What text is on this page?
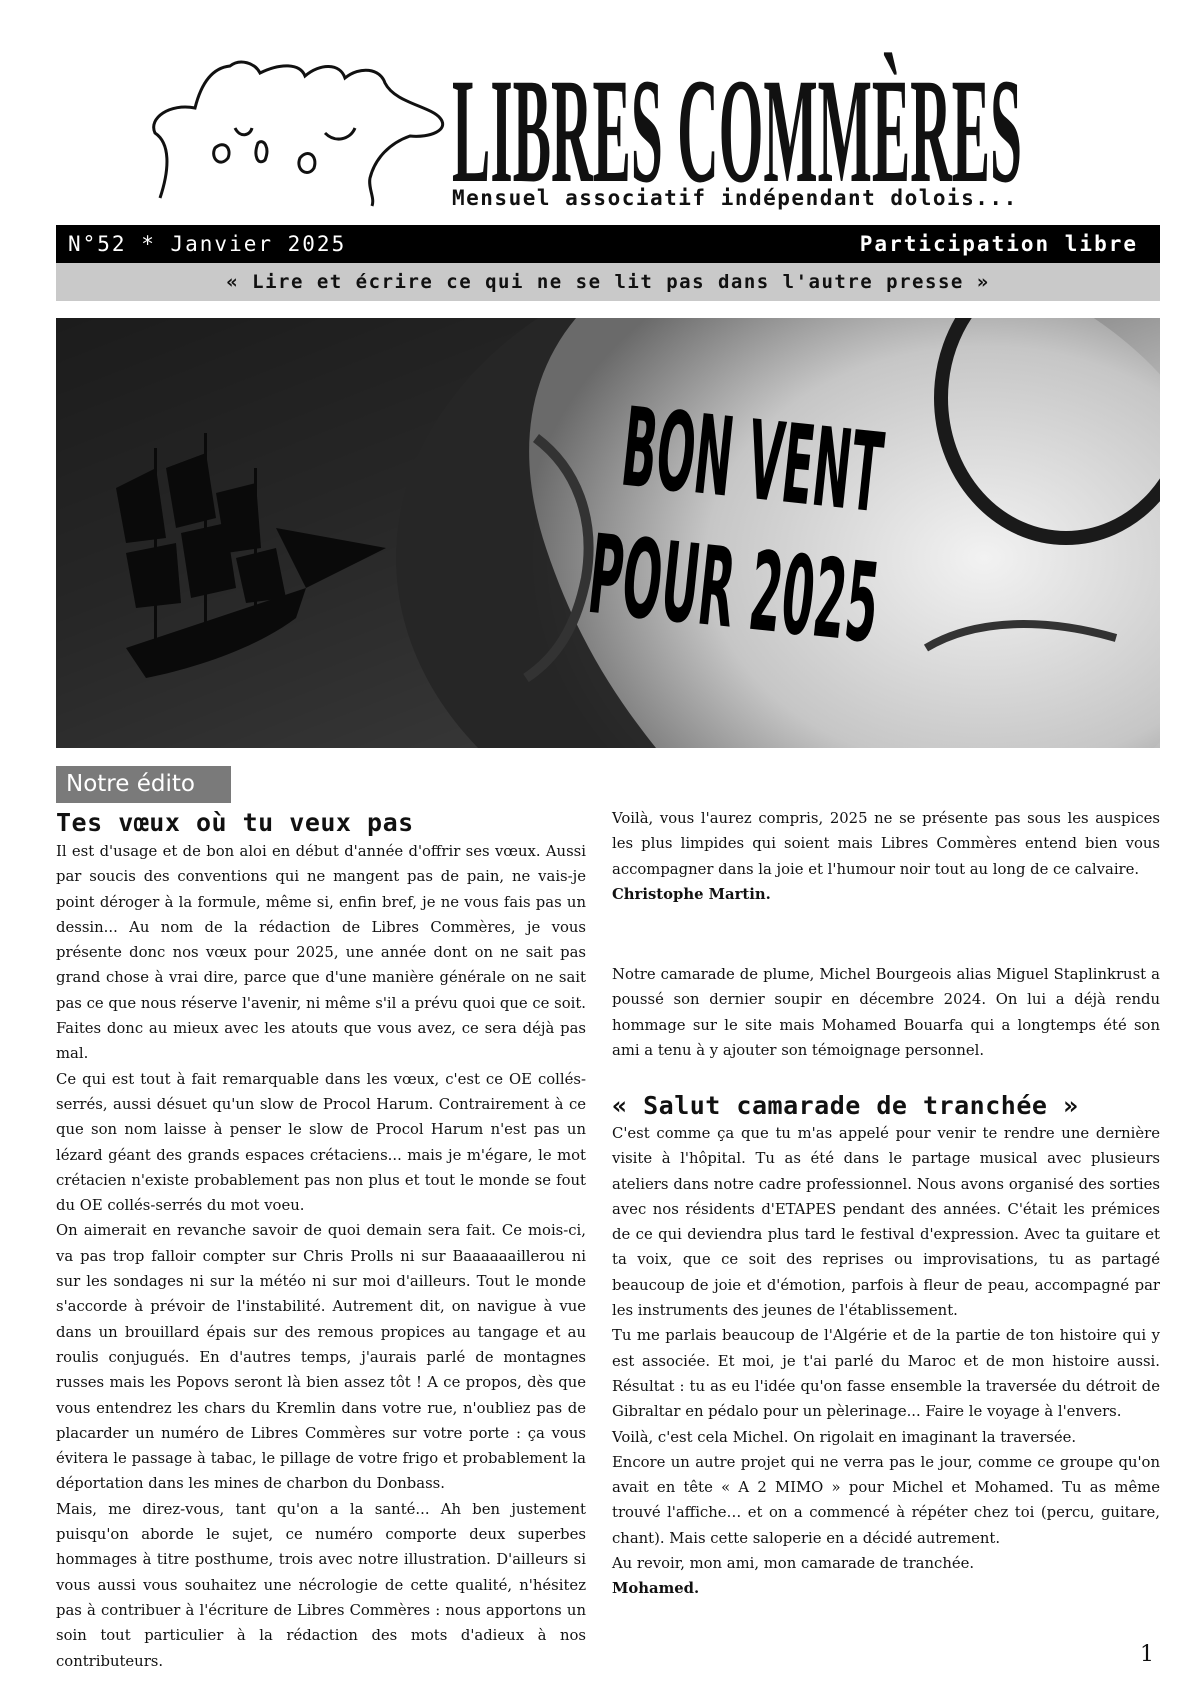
LIBRES COMMÈRES
Mensuel associatif indépendant dolois...
N°52 * Janvier 2025	Participation libre
« Lire et écrire ce qui ne se lit pas dans l'autre presse »
BON VENT
POUR 2025
Notre édito
Tes vœux où tu veux pas

Il est d'usage et de bon aloi en début d'année d'offrir ses vœux. Aussi par soucis des conventions qui ne mangent pas de pain, ne vais-je point déroger à la formule, même si, enfin bref, je ne vous fais pas un dessin... Au nom de la rédaction de Libres Commères, je vous présente donc nos vœux pour 2025, une année dont on ne sait pas grand chose à vrai dire, parce que d'une manière générale on ne sait pas ce que nous réserve l'avenir, ni même s'il a prévu quoi que ce soit. Faites donc au mieux avec les atouts que vous avez, ce sera déjà pas mal.

Ce qui est tout à fait remarquable dans les vœux, c'est ce OE collés-serrés, aussi désuet qu'un slow de Procol Harum. Contrairement à ce que son nom laisse à penser le slow de Procol Harum n'est pas un lézard géant des grands espaces crétaciens... mais je m'égare, le mot crétacien n'existe probablement pas non plus et tout le monde se fout du OE collés-serrés du mot voeu.

On aimerait en revanche savoir de quoi demain sera fait. Ce mois-ci, va pas trop falloir compter sur Chris Prolls ni sur Baaaaaaillerou ni sur les sondages ni sur la météo ni sur moi d'ailleurs. Tout le monde s'accorde à prévoir de l'instabilité. Autrement dit, on navigue à vue dans un brouillard épais sur des remous propices au tangage et au roulis conjugués. En d'autres temps, j'aurais parlé de montagnes russes mais les Popovs seront là bien assez tôt ! A ce propos, dès que vous entendrez les chars du Kremlin dans votre rue, n'oubliez pas de placarder un numéro de Libres Commères sur votre porte : ça vous évitera le passage à tabac, le pillage de votre frigo et probablement la déportation dans les mines de charbon du Donbass.

Mais, me direz-vous, tant qu'on a la santé... Ah ben justement puisqu'on aborde le sujet, ce numéro comporte deux superbes hommages à titre posthume, trois avec notre illustration. D'ailleurs si vous aussi vous souhaitez une nécrologie de cette qualité, n'hésitez pas à contribuer à l'écriture de Libres Commères : nous apportons un soin tout particulier à la rédaction des mots d'adieux à nos contributeurs.

Voilà, vous l'aurez compris, 2025 ne se présente pas sous les auspices les plus limpides qui soient mais Libres Commères entend bien vous accompagner dans la joie et l'humour noir tout au long de ce calvaire.

Christophe Martin.

Notre camarade de plume, Michel Bourgeois alias Miguel Staplinkrust a poussé son dernier soupir en décembre 2024. On lui a déjà rendu hommage sur le site mais Mohamed Bouarfa qui a longtemps été son ami a tenu à y ajouter son témoignage personnel.

« Salut camarade de tranchée »

C'est comme ça que tu m'as appelé pour venir te rendre une dernière visite à l'hôpital. Tu as été dans le partage musical avec plusieurs ateliers dans notre cadre professionnel. Nous avons organisé des sorties avec nos résidents d'ETAPES pendant des années. C'était les prémices de ce qui deviendra plus tard le festival d'expression. Avec ta guitare et ta voix, que ce soit des reprises ou improvisations, tu as partagé beaucoup de joie et d'émotion, parfois à fleur de peau, accompagné par les instruments des jeunes de l'établissement.

Tu me parlais beaucoup de l'Algérie et de la partie de ton histoire qui y est associée. Et moi, je t'ai parlé du Maroc et de mon histoire aussi. Résultat : tu as eu l'idée qu'on fasse ensemble la traversée du détroit de Gibraltar en pédalo pour un pèlerinage... Faire le voyage à l'envers.

Voilà, c'est cela Michel. On rigolait en imaginant la traversée.

Encore un autre projet qui ne verra pas le jour, comme ce groupe qu'on avait en tête « A 2 MIMO » pour Michel et Mohamed. Tu as même trouvé l'affiche… et on a commencé à répéter chez toi (percu, guitare, chant). Mais cette saloperie en a décidé autrement.

Au revoir, mon ami, mon camarade de tranchée.

Mohamed.

1
